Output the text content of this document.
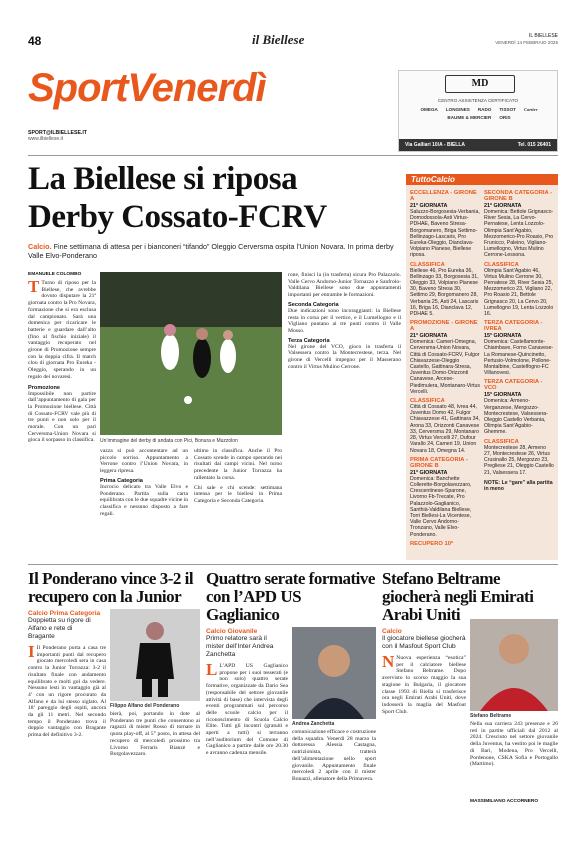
48	il Biellese	IL BIELLESE
VENERDÌ 14 FEBBRAIO 2025
SportVenerdì
SPORT@ILBIELLESE.IT
www.ilbiellese.it
MD
CENTRO ASSISTENZA CERTIFICATO
OMEGA LONGINES RADO TISSOT Cartier
BAUME & MERCIER ORIS
Via Galliari 10/A - BIELLA	Tel. 015 26401
La Biellese si riposa
Derby Cossato-FCRV
Calcio. Fine settimana di attesa per i bianconeri “tifando” Oleggio Cerversma ospita l’Union Novara. In prima derby Valle Elvo-Ponderano
EMANUELE COLOMBO
T Turno di riposo per la Biellese, che avrebbe dovuto disputare la 21ª giornata contro la Pro Novara, formazione che si era esclusa dal campionato. Sarà una domenica per ricaricare le batterie e guardare dall’alto (fino al fischio iniziale) il vantaggio recuperato nel girone di Promozione sempre con la doppia cifra. Il match clou di giornata Pro Eureka - Oleggio, sperando in un regalo dei novaresi.
Promozione
Impossibile non partire dall’appuntamento di gala per la Promozione biellese. Città di Cossato-FCRV vale più di tre punti e non solo per il morale. Con un pari Cerversma-Union Novara si gioca il sorpasso in classifica. Un’immagine del derby di andata con Pici, Bonura e Muzzolon
vazza si può accontentare ad un piccolo sorriso. Appuntamento a Verrone contro l’Union Novara, in leggera ripresa.
Prima Categoria
Incrocio delicato tra Valle Elvo e Ponderano. Partita sulla carta equilibrata con le due squadre vicine in classifica e nessuno disposto a fare regali.
ultimo in classifica. Anche il Pro Cossato scende in campo sperando nei risultati dai campi vicini. Nel turno precedente la Junior Torrazza ha rallentato la corsa.
Chi sale e chi scende: settimana intensa per le biellesi in Prima Categoria e Seconda Categoria.
rone, finisci la (in trasferta) sicura Pro Palazzolo. Valle Cervo Andorno-Junior Tornazzo e Sanfrolo-Valdilana Biellese sono due appuntamenti importanti per entrambe le formazioni.
Seconda Categoria
Due indicazioni sono incoraggianti: la Biellese resta in corsa per il vertice, e il Lumellogno e il Vigliano puntano ai tre punti contro il Valle Mosso.
Terza Categoria
Nel girone del VCO, gioco in trasferta il Valsessera contro la Montecrestese, terza. Nel girone di Vercelli impegno per il Masserano contro il Virtus Mulino Cerrone.
TuttoCalcio
ECCELLENZA - GIRONE A
21ª GIORNATA
Saluzzo-Borgosesia-Verbania, Domodossola-Asti Virtus-PDHAE, Baveno Stresa-Borgomanero, Briga Settimo-Bellinzago-Lascaris, Pro Eureka-Oleggio, Dianclava-Volpiano Pianese, Biellese riposa.
CLASSIFICA
Biellese 46, Pro Eureka 36, Bellinzago 33, Borgosesia 31, Oleggio 33, Volpiano Pianese 30, Baveno Stresa 30, Settimo 29, Borgomanero 28, Verbania 25, Asti 24, Lascaris 16, Briga 16, Dianclava 12, PDHAE 5.
PROMOZIONE - GIRONE A
21ª GIORNATA
Domenica: Cameri-Omegna, Cerversma-Union Novara, Città di Cossato-FCRV, Fulgor Chiavazzese-Oleggio Castello, Gattinara-Stresa, Juventus Domo-Orizzonti Canavese, Arcese-Piedimulera, Montanaro-Virtus Vercelli.
CLASSIFICA
Città di Cossato 48, Ivrea 44, Juventus Domo 42, Fulgor Chiavazzese 41, Gattinara 34, Arona 33, Orizzonti Canavese 33, Cerversma 29, Montanaro 28, Virtus Vercelli 27, Dufour Varallo 24, Cameri 19, Union Novara 18, Omegna 14.
PRIMA CATEGORIA - GIRONE B
21ª GIORNATA
Domenica: Banchette Collerette-Borgolavezzaro, Crescentinese-Sparone, Livorno Fb-Trecate, Pro Palazzolo-Gaglianico, Santhià-Valdilana Biellese, Torri Biellesi-La Vicentese, Valle Cervo Andorno-Tronzano, Valle Elvo-Ponderano.
RECUPERO 10ª
SECONDA CATEGORIA - GIRONE B
21ª GIORNATA
Domenica: Bettole Grignasco-River Sesia, La Cervo-Pernatese, Lenta Lozzolo-Olimpia Sant’Agabio, Mezzomerico-Pro Roasio, Pro Frunicco, Paleino, Vigliano-Lumellogno, Virtus Mulino Cerrone-Lessona.
CLASSIFICA
Olimpia Sant’Agabio 46, Virtus Mulino Cerrone 30, Pernatese 28, River Sesia 25, Mezzomerico 23, Vigliano 22, Pro Roasio 21, Bettole Grignasco 20, La Cervo 20, Lumellogno 19, Lenta Lozzolo 16.
TERZA CATEGORIA - IVREA
15ª GIORNATA
Domenica: Castellamonte-Chiambave, Forno Canavese-La Romanese-Quincinetto, Pertusio-Volmolone, Pollone-Montalbine, Castelfogno-FC Villanovesi.
TERZA CATEGORIA - VCO
15ª GIORNATA
Domenica: Armeno-Verganzese, Mergozzo-Montecrestese, Valsessera-Oleggio Castello Verbania, Olimpia Sant’Agabio-Ghemme.
CLASSIFICA
Montecrestese 28, Armeno 27, Montecrestese 26, Virtus Crusinallo 25, Mergozzo 23, Pregliese 21, Oleggio Castello 21, Valsessera 17.
NOTE: Le “gare” alla partita in meno
Il Ponderano vince 3-2 il recupero con la Junior
Calcio Prima Categoria
Doppietta su rigore di Alfano e rete di Bragante
I Il Ponderano porta a casa tre importanti punti dal recupero giocato mercoledì sera in casa contro la Junior Torrazza: 3-2 il risultato finale con andamento equilibrato e molti gol da vedere. Nessuno lesti in vantaggio già al 4’ con un rigore procurato da Alfano e da lui stesso siglato. Al 18’ pareggio degli ospiti, ancora da gli 11 metri. Nel secondo tempo il Ponderano trova il doppio vantaggio con Bragante prima del definitivo 3-2.
Filippo Alfano del Ponderano
bierà, poi, portando in dote al Ponderano tre punti che consentono ai ragazzi di mister Rosso di tornare in quota play-off, al 5° posto, in attesa del recupero di mercoledì prossimo tra Livorno Ferraris Bianzè e Borgolavezzaro.
Quattro serate formative con l’APD US Gaglianico
Calcio Giovanile
Primo relatore sarà il mister dell’Inter Andrea Zanchetta
L L’APD US Gaglianico propone per i suoi tesserati (e non solo) quattro serate formative, organizzate da Dario Sea (responsabile del settore giovanile attività di base) che intervista degli eventi programmati sul percorso delle scuole calcio per il riconoscimento di Scuola Calcio Elite. Tutti gli incontri (gratuiti e aperti a tutti) si terranno nell’auditorium del Comune di Gaglianico a partire dalle ore 20.30 e avranno cadenza mensile.
Andrea Zanchetta
comunicazione efficace e costruzione della squadra. Venerdì 28 marzo la dottoressa Alessia Castagna, nutrizionista, tratterà dell’alimentazione nello sport giovanile. Appuntamento finale mercoledì 2 aprile con il mister Bonazzi, allenatore della Primavera.
Stefano Beltrame giocherà negli Emirati Arabi Uniti
Calcio
Il giocatore biellese giocherà con il Masfout Sport Club
N Nuova esperienza “esotica” per il calciatore biellese Stefano Beltrame. Dopo avervisto lo scorso maggio la sua stagione in Bulgaria, il giocatore classe 1993 di Biella si trasferisce ora negli Emirati Arabi Uniti, dove indosserà la maglia del Masfout Sport Club.
Stefano Beltrame
Nella sua carriera 243 presenze e 26 reti in partite ufficiali dal 2012 al 2024. Cresciuto nel settore giovanile della Juventus, ha vestito poi le maglie di Bari, Modena, Pro Vercelli, Pordenone, CSKA Sofia e Portogallo (Martimo).
MASSIMILIANO ACCORNERO
